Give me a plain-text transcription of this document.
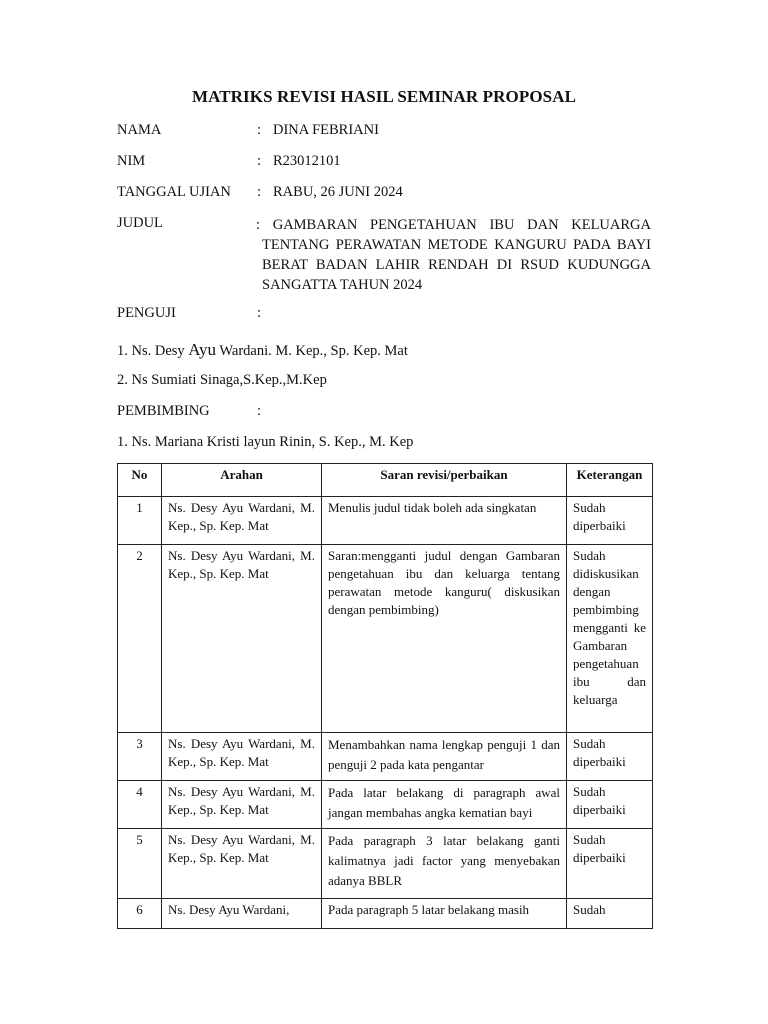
MATRIKS REVISI HASIL SEMINAR PROPOSAL
NAMA	: DINA FEBRIANI
NIM	: R23012101
TANGGAL UJIAN : RABU, 26 JUNI 2024
JUDUL	: GAMBARAN PENGETAHUAN IBU DAN KELUARGA TENTANG PERAWATAN METODE KANGURU PADA BAYI BERAT BADAN LAHIR RENDAH DI RSUD KUDUNGGA SANGATTA TAHUN 2024
PENGUJI	:
1. Ns. Desy Ayu Wardani. M. Kep., Sp. Kep. Mat
2. Ns Sumiati Sinaga,S.Kep.,M.Kep
PEMBIMBING	:
1. Ns. Mariana Kristi layun Rinin, S. Kep., M. Kep
No	Arahan	Saran revisi/perbaikan	Keterangan
1	Ns. Desy Ayu Wardani, M. Kep., Sp. Kep. Mat	Menulis judul tidak boleh ada singkatan	Sudah diperbaiki
2	Ns. Desy Ayu Wardani, M. Kep., Sp. Kep. Mat	Saran:mengganti judul dengan Gambaran pengetahuan ibu dan keluarga tentang perawatan metode kanguru( diskusikan dengan pembimbing)	Sudah didiskusikan dengan pembimbing mengganti ke Gambaran pengetahuan ibu dan keluarga
3	Ns. Desy Ayu Wardani, M. Kep., Sp. Kep. Mat	Menambahkan nama lengkap penguji 1 dan penguji 2 pada kata pengantar	Sudah diperbaiki
4	Ns. Desy Ayu Wardani, M. Kep., Sp. Kep. Mat	Pada latar belakang di paragraph awal jangan membahas angka kematian bayi	Sudah diperbaiki
5	Ns. Desy Ayu Wardani, M. Kep., Sp. Kep. Mat	Pada paragraph 3 latar belakang ganti kalimatnya jadi factor yang menyebakan adanya BBLR	Sudah diperbaiki
6	Ns. Desy Ayu Wardani,	Pada paragraph 5 latar belakang masih	Sudah
